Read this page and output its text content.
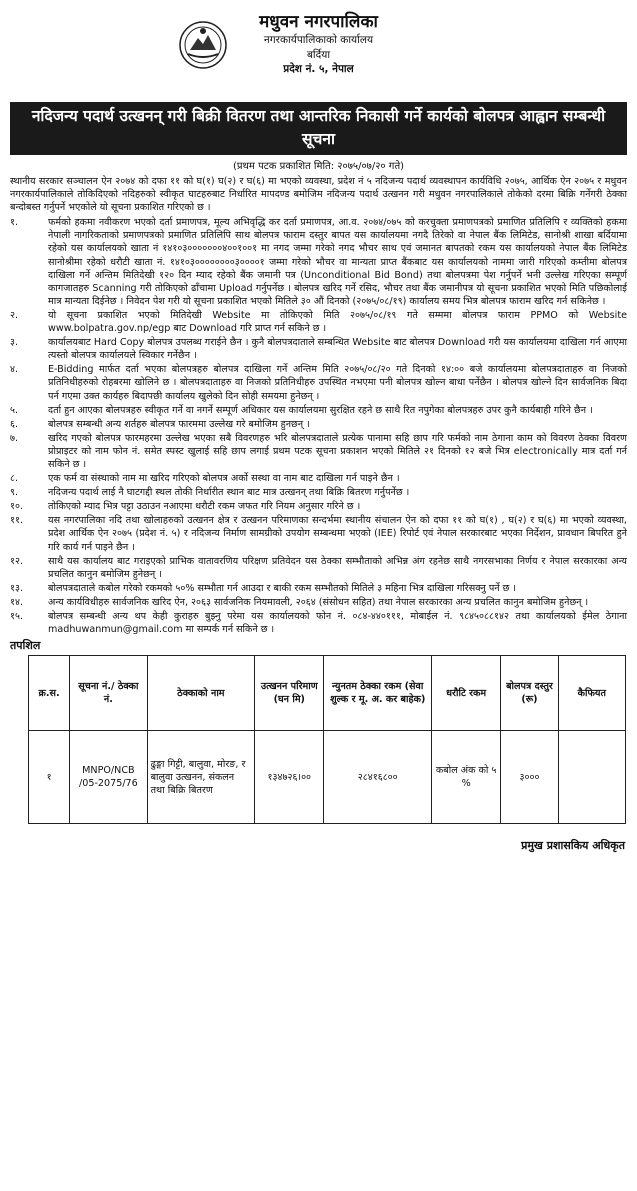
मधुवन नगरपालिका
नगरकार्यपालिकाको कार्यालय
बर्दिया
प्रदेश नं. ५, नेपाल
नदिजन्य पदार्थ उत्खनन् गरी बिक्री वितरण तथा आन्तरिक निकासी गर्ने कार्यको बोलपत्र आह्वान सम्बन्धी सूचना
(प्रथम पटक प्रकाशित मिति: २०७५/०७/२० गते)

स्थानीय सरकार सञ्चालन ऐन २०७४ को दफा ११ को घ(१) घ(२) र घ(६) मा भएको व्यवस्था, प्रदेश नं ५ नदिजन्य पदार्थ व्यवस्थापन कार्यविधि २०७५, आर्थिक ऐन २०७५ र मधुवन नगरकार्यपालिकाले तोकिदिएको नदिहरुको स्वीकृत घाटहरुबाट निर्धारित मापदण्ड बमोजिम नदिजन्य पदार्थ उत्खनन गरी मधुवन नगरपालिकाले तोकेको दरमा बिक्रि गर्नेगरी ठेक्का बन्दोबस्त गर्नुपर्ने भएकोले यो सूचना प्रकाशित गरिएको छ ।

१.	फर्मको हकमा नवीकरण भएको दर्ता प्रमाणपत्र, मूल्य अभिवृद्धि कर दर्ता प्रमाणपत्र, आ.व. २०७४/०७५ को करचुक्ता प्रमाणपत्रको प्रमाणित प्रतिलिपि र व्यक्तिको हकमा नेपाली नागरिकताको प्रमाणपत्रको प्रमाणित प्रतिलिपि साथ बोलपत्र फाराम दस्तुर बापत यस कार्यालयमा नगदै तिरेको वा नेपाल बैंक लिमिटेड, सानोश्री शाखा बर्दियामा रहेको यस कार्यालयको खाता नं १४१०३०००००००४००१००१ मा नगद जम्मा गरेको नगद भौचर साथ एवं जमानत बापतको रकम यस कार्यालयको नेपाल बैंक लिमिटेड सानोश्रीमा रहेको धरौटी खाता नं. १४१०३००००००००३००००१ जम्मा गरेको भौचर वा मान्यता प्राप्त बैंकबाट यस कार्यालयको नाममा जारी गरिएको कम्तीमा बोलपत्र दाखिला गर्ने अन्तिम मितिदेखी १२० दिन म्याद रहेको बैंक जमानी पत्र (Unconditional Bid Bond) तथा बोलपत्रमा पेश गर्नुपर्ने भनी उल्लेख गरिएका सम्पूर्ण कागजातहरु Scanning गरी तोकिएको ढाँचामा Upload गर्नुपर्नेछ । बोलपत्र खरिद गर्ने रसिद, भौचर तथा बैंक जमानीपत्र यो सूचना प्रकाशित भएको मिति पछिकोलाई मात्र मान्यता दिईनेछ । निवेदन पेश गरी यो सूचना प्रकाशित भएको मितिले ३० औं दिनको (२०७५/०८/१९) कार्यालय समय भित्र बोलपत्र फाराम खरिद गर्न सकिनेछ ।
२.	यो सूचना प्रकाशित भएको मितिदेखी Website मा तोकिएको मिति २०७५/०८/१९ गते सम्ममा बोलपत्र फाराम PPMO को Website www.bolpatra.gov.np/egp बाट Download गरि प्राप्त गर्न सकिने छ ।
३.	कार्यालयबाट Hard Copy बोलपत्र उपलब्ध गराईने छैन । कुनै बोलपत्रदाताले सम्बन्धित Website बाट बोलपत्र Download गरी यस कार्यालयमा दाखिला गर्न आएमा त्यस्तो बोलपत्र कार्यालयले स्विकार गर्नेछैन ।
४.	E-Bidding मार्फत दर्ता भएका बोलपत्रहरु बोलपत्र दाखिला गर्ने अन्तिम मिति २०७५/०८/२० गते दिनको १४:०० बजे कार्यालयमा बोलपत्रदाताहरु वा निजको प्रतिनिधीहरुको रोहबरमा खोलिने छ । बोलपत्रदाताहरु वा निजको प्रतिनिधीहरु उपस्थित नभएमा पनी बोलपत्र खोल्न बाधा पर्नेछैन । बोलपत्र खोल्ने दिन सार्वजनिक बिदा पर्न गएमा उक्त कार्यहरु बिदापछी कार्यालय खुलेको दिन सोही समयमा हुनेछन् ।
५.	दर्ता हुन आएका बोलपत्रहरु स्वीकृत गर्ने वा नगर्ने सम्पूर्ण अधिकार यस कार्यालयमा सुरक्षित रहने छ साथै रित नपुगेका बोलपत्रहरु उपर कुनै कार्यबाही गरिने छैन ।
६.	बोलपत्र सम्बन्धी अन्य शर्तहरु बोलपत्र फारममा उल्लेख गरे बमोजिम हुनछन् ।
७.	खरिद गएको बोलपत्र फारमहरमा उल्लेख भएका सबै विवरणहरु भरि बोलपत्रदाताले प्रत्येक पानामा सहि छाप गरि फर्मको नाम ठेगाना काम को विवरण ठेक्का विवरण प्रोप्राइटर को नाम फोन नं. समेत स्पस्ट खुलाई सहि छाप लगाई प्रथम पटक सूचना प्रकाशन भएको मितिले २१ दिनको १२ बजे भित्र electronically मात्र दर्ता गर्न सकिने छ ।
८.	एक फर्म वा संस्थाको नाम मा खरिद गरिएको बोलपत्र अर्को सस्था वा नाम बाट दाखिला गर्न पाइने छैन ।
९.	नदिजन्य पदार्थ लाई नै घाटगद्दी स्थल तोकी निर्धारीत स्थान बाट मात्र उत्खनन् तथा बिक्रि बितरण गर्नुपर्नेछ ।
१०.	तोकिएको म्याद भित्र पट्टा उठाउन नआएमा धरौटी रकम जफत गरि नियम अनुसार गरिने छ ।
११.	यस नगरपालिका नदि तथा खोलाहरुको उत्खनन क्षेत्र र उत्खनन परिमाणका सन्दर्भमा स्थानीय संचालन ऐन को दफा ११ को घ(१) , घ(२) र घ(६) मा भएको व्यवस्था, प्रदेश आर्थिक ऐन २०७५ (प्रदेश नं. ५) र नदिजन्य निर्माण सामग्रीको उपयोग सम्बन्धमा भएको (IEE) रिपोर्ट एवं नेपाल सरकारबाट भएका निर्देशन, प्रावधान बिपरित हुने गरि कार्य गर्न पाइने छैन ।
१२.	साथै यस कार्यालय बाट गराइएको प्राभिक वातावरणिय परिक्षण प्रतिवेदन यस ठेक्का सम्भौताको अभिन्न अंग रहनेछ साथै नगरसभाका निर्णय र नेपाल सरकारका अन्य प्रचलित कानुन बमोजिम हुनेछन् ।
१३.	बोलपत्रदाताले कबोल गरेको रकमको ५०% सम्भौता गर्न आउदा र बाकी रकम सम्भौतको मितिले ३ महिना भित्र दाखिला गरिसक्नु पर्ने छ ।
१४.	अन्य कार्यविधीहरु सार्वजनिक खरिद ऐन, २०६३ सार्वजनिक नियमावली, २०६४ (संसोधन सहित) तथा नेपाल सरकारका अन्य प्रचलित कानुन बमोजिम हुनेछन् ।
१५.	बोलपत्र सम्बन्धी अन्य थप केही कुराहरु बुझ्नु परेमा यस कार्यालयको फोन नं. ०८४-४४०१११, मोबाईल नं. ९८४५०८८१४२ तथा कार्यालयको ईमेल ठेगाना madhuwanmun@gmail.com मा सम्पर्क गर्न सकिने छ ।
तपशिल
क्र.स.	सूचना नं./ ठेक्का नं.	ठेक्काको नाम	उत्खनन परिमाण (घन मि)	न्युनतम ठेक्का रकम (सेवा शुल्क र मू. अ. कर बाहेक)	धरौटि रकम	बोलपत्र दस्तुर (रू)	कैफियत
१	MNPO/NCB /05-2075/76	ढुङ्गा गिट्टी, बालुवा, मोरङ, र बालुवा उत्खनन, संकलन तथा बिक्रि बितरण	१३४७२६।००	२८४१६८००	कबोल अंक को ५ %	३०००	
प्रमुख प्रशासकिय अधिकृत
